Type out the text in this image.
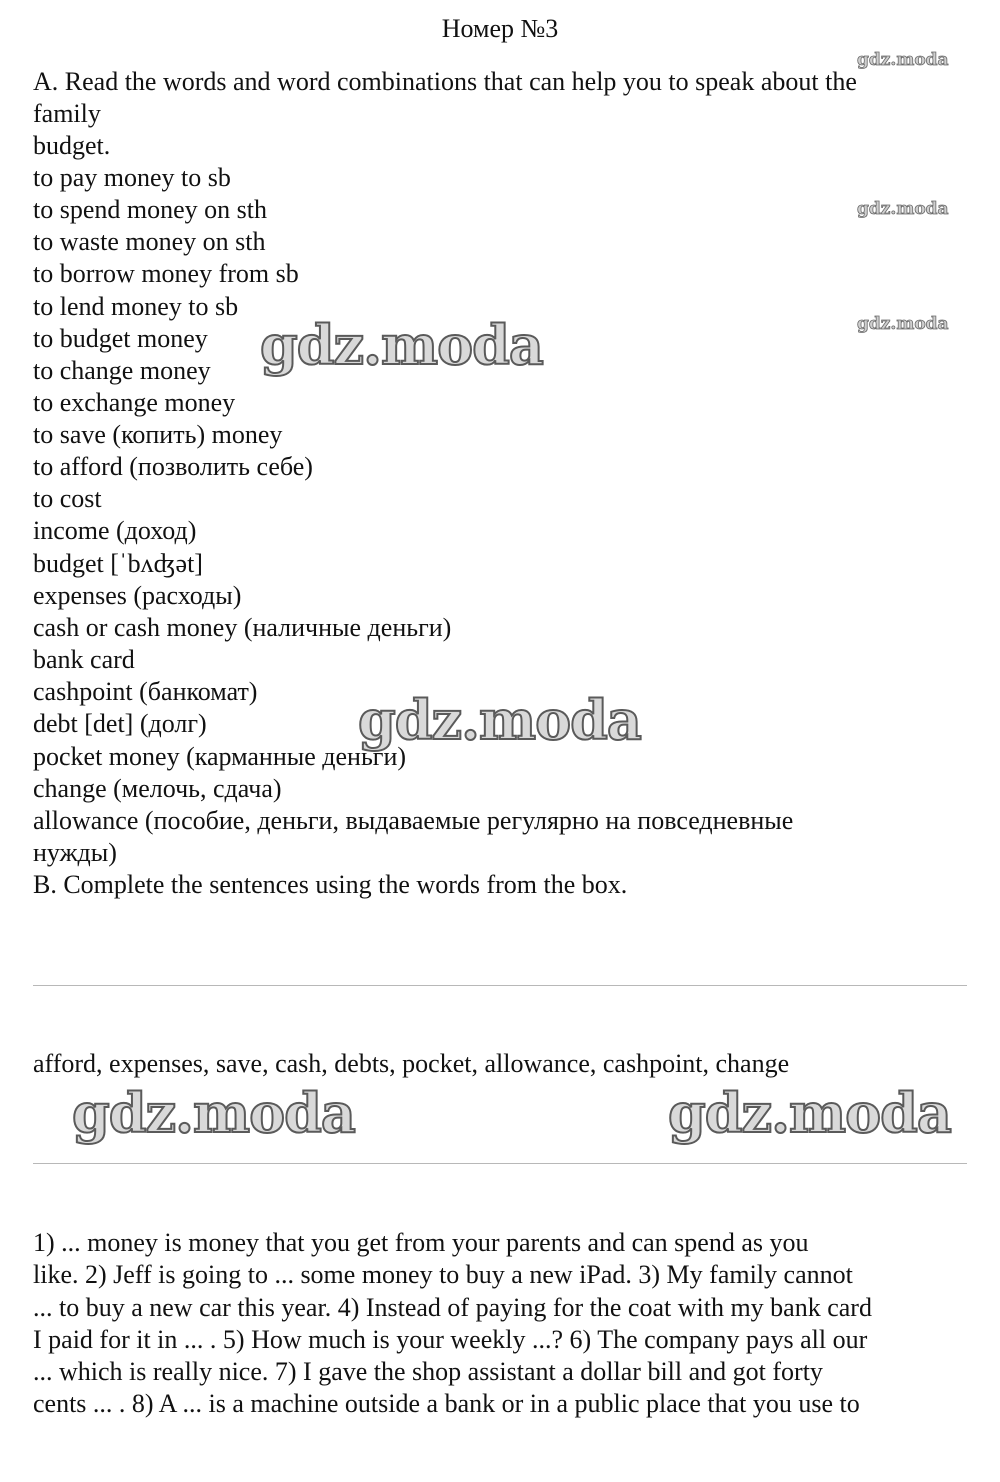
Номер №3
gdz.moda
gdz.moda
gdz.moda
A. Read the words and word combinations that can help you to speak about the
family
budget.
to pay money to sb
to spend money on sth
to waste money on sth
to borrow money from sb
to lend money to sb
to budget money
to change money
to exchange money
to save (копить) money
to afford (позволить себе)
to cost
income (доход)
budget [ˈbʌʤət]
expenses (расходы)
cash or cash money (наличные деньги)
bank card
cashpoint (банкомат)
debt [det] (долг)
pocket money (карманные деньги)
change (мелочь, сдача)
allowance (пособие, деньги, выдаваемые регулярно на повседневные
нужды)
B. Complete the sentences using the words from the box.
gdz.moda
gdz.moda
afford, expenses, save, cash, debts, pocket, allowance, cashpoint, change
gdz.moda	gdz.moda
1) ... money is money that you get from your parents and can spend as you
like. 2) Jeff is going to ... some money to buy a new iPad. 3) My family cannot
... to buy a new car this year. 4) Instead of paying for the coat with my bank card
I paid for it in ... . 5) How much is your weekly ...? 6) The company pays all our
... which is really nice. 7) I gave the shop assistant a dollar bill and got forty
cents ... . 8) A ... is a machine outside a bank or in a public place that you use to
